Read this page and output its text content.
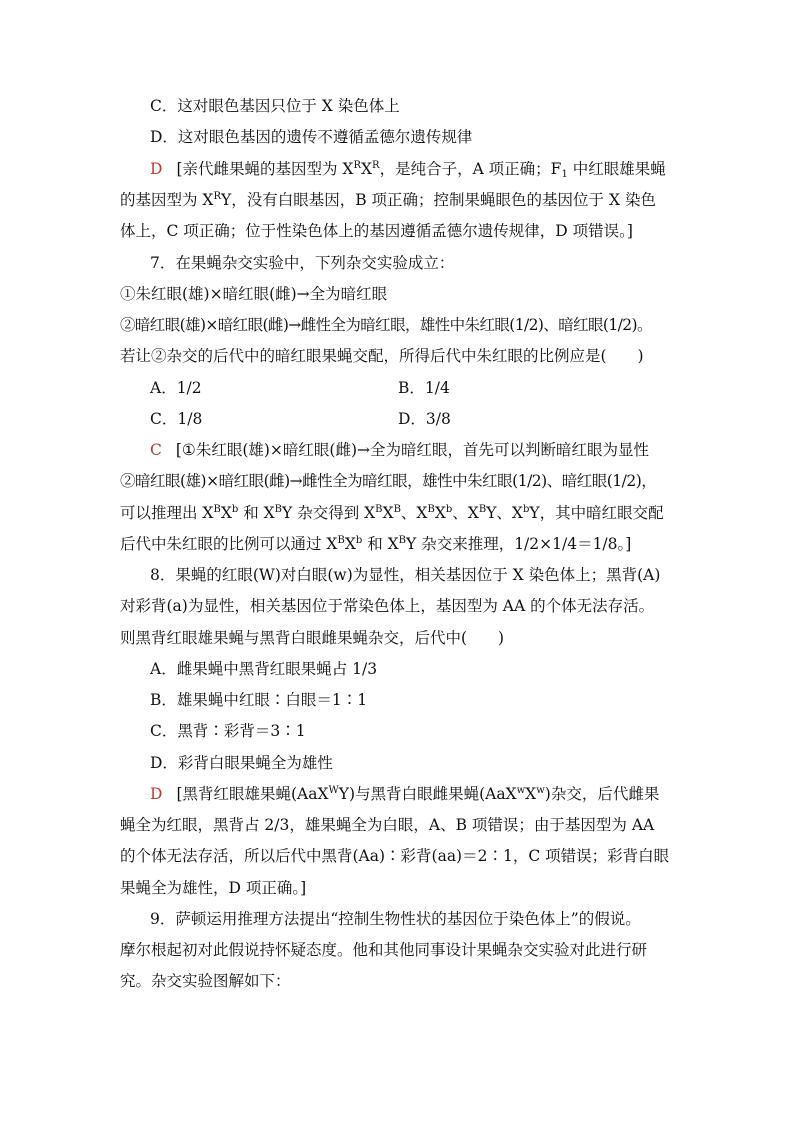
C．这对眼色基因只位于 X 染色体上
D．这对眼色基因的遗传不遵循孟德尔遗传规律
D [亲代雌果蝇的基因型为 $X^RX^R$，是纯合子，A 项正确；$F_1$ 中红眼雄果蝇
的基因型为 $X^RY$，没有白眼基因，B 项正确；控制果蝇眼色的基因位于 X 染色
体上，C 项正确；位于性染色体上的基因遵循孟德尔遗传规律，D 项错误。]
7．在果蝇杂交实验中，下列杂交实验成立：
①朱红眼(雄)×暗红眼(雌)→全为暗红眼
②暗红眼(雄)×暗红眼(雌)→雌性全为暗红眼，雄性中朱红眼(1/2)、暗红眼(1/2)。
若让②杂交的后代中的暗红眼果蝇交配，所得后代中朱红眼的比例应是(　　)
A．1/2	B．1/4
C．1/8	D．3/8
C [①朱红眼(雄)×暗红眼(雌)→全为暗红眼，首先可以判断暗红眼为显性
②暗红眼(雄)×暗红眼(雌)→雌性全为暗红眼，雄性中朱红眼(1/2)、暗红眼(1/2)，
可以推理出 $X^BX^b$ 和 $X^BY$ 杂交得到 $X^BX^B$、$X^BX^b$、$X^BY$、$X^bY$，其中暗红眼交配
后代中朱红眼的比例可以通过 $X^BX^b$ 和 $X^BY$ 杂交来推理，1/2×1/4＝1/8。]
8．果蝇的红眼(W)对白眼(w)为显性，相关基因位于 X 染色体上；黑背(A)
对彩背(a)为显性，相关基因位于常染色体上，基因型为 AA 的个体无法存活。
则黑背红眼雄果蝇与黑背白眼雌果蝇杂交，后代中(　　)
A．雌果蝇中黑背红眼果蝇占 1/3
B．雄果蝇中红眼∶白眼＝1∶1
C．黑背∶彩背＝3∶1
D．彩背白眼果蝇全为雄性
D [黑背红眼雄果蝇(AaX$^W$Y)与黑背白眼雌果蝇$(AaX^wX^w)$杂交，后代雌果
蝇全为红眼，黑背占 2/3，雄果蝇全为白眼，A、B 项错误；由于基因型为 AA
的个体无法存活，所以后代中黑背(Aa)∶彩背(aa)＝2∶1，C 项错误；彩背白眼
果蝇全为雄性，D 项正确。]
9．萨顿运用推理方法提出“控制生物性状的基因位于染色体上”的假说。
摩尔根起初对此假说持怀疑态度。他和其他同事设计果蝇杂交实验对此进行研
究。杂交实验图解如下：
